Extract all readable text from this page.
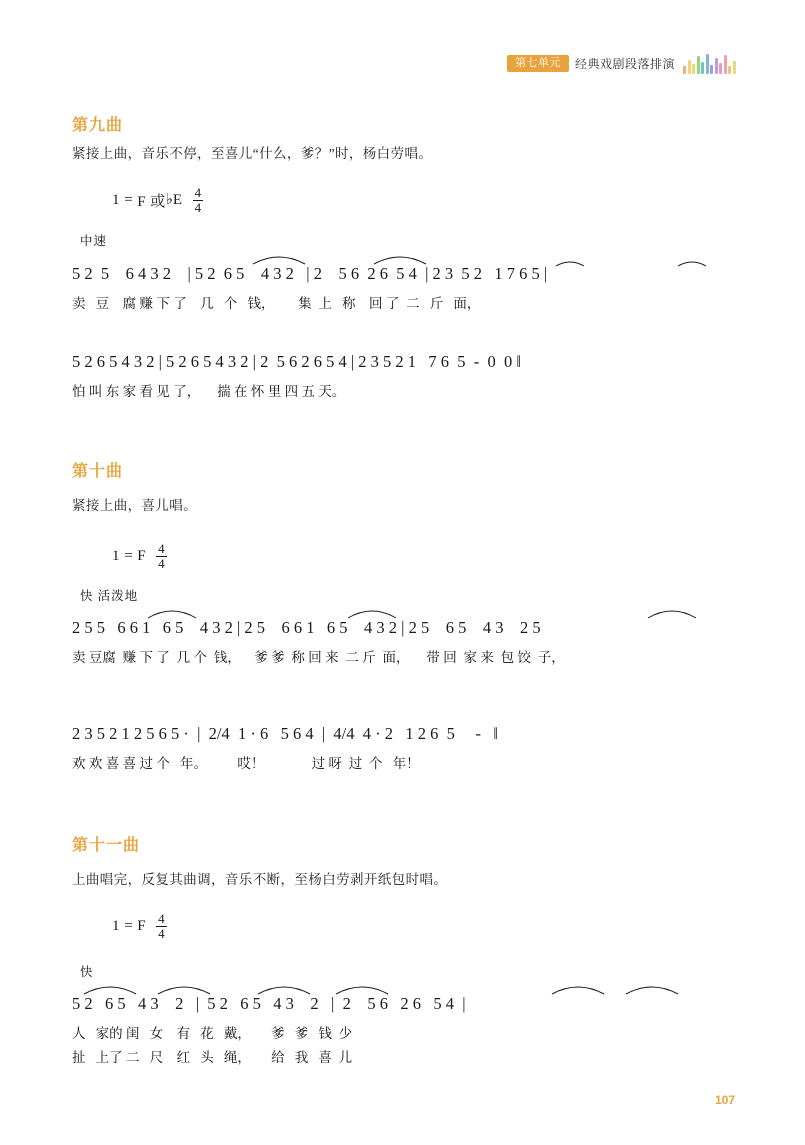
第七单元	经典戏剧段落排演
第九曲
紧接上曲，音乐不停，至喜儿“什么，爹？”时，杨白劳唱。
1 = F 或 ♭ E $\frac{4}{4}$
中速
5 2  5    6 4 3 2    | 5 2  6 5    4 3 2   | 2    5 6  2 6  5 4  | 2 3  5 2   1 7 6 5 |
卖   豆    腐 赚 下 了    几   个   钱，       集  上   称    回 了  二   斤   面，
5 2 6 5 4 3 2 | 5 2 6 5 4 3 2 | 2  5 6 2 6 5 4 | 2 3 5 2 1   7 6  5  -  0  0 ‖
怕 叫 东 家 看 见 了，     揣 在 怀 里 四 五 天。
第十曲
紧接上曲，喜儿唱。
1 = F $\frac{4}{4}$
快 活泼地
2 5 5   6 6 1   6 5    4 3 2 | 2 5    6 6 1   6 5    4 3 2 | 2 5    6 5    4 3    2 5
卖 豆腐  赚 下 了  几 个  钱，    爹 爹  称 回 来  二 斤  面，     带 回  家 来  包 饺  子，
2 3 5 2 1 2 5 6 5 ·  |  2/4  1 · 6   5 6 4  |  4/4  4 · 2   1 2 6  5     -   ‖
欢 欢 喜 喜 过 个   年。         哎！              过 呀  过  个   年！
第十一曲
上曲唱完，反复其曲调，音乐不断，至杨白劳剥开纸包时唱。
1 = F $\frac{4}{4}$
快
5 2   6 5   4 3    2   |  5 2   6 5   4 3    2   |  2    5 6   2 6   5 4  |
人   家的 闺   女    有   花   戴，      爹   爹   钱  少
扯   上了 二   尺    红   头   绳，      给   我   喜  儿
107
